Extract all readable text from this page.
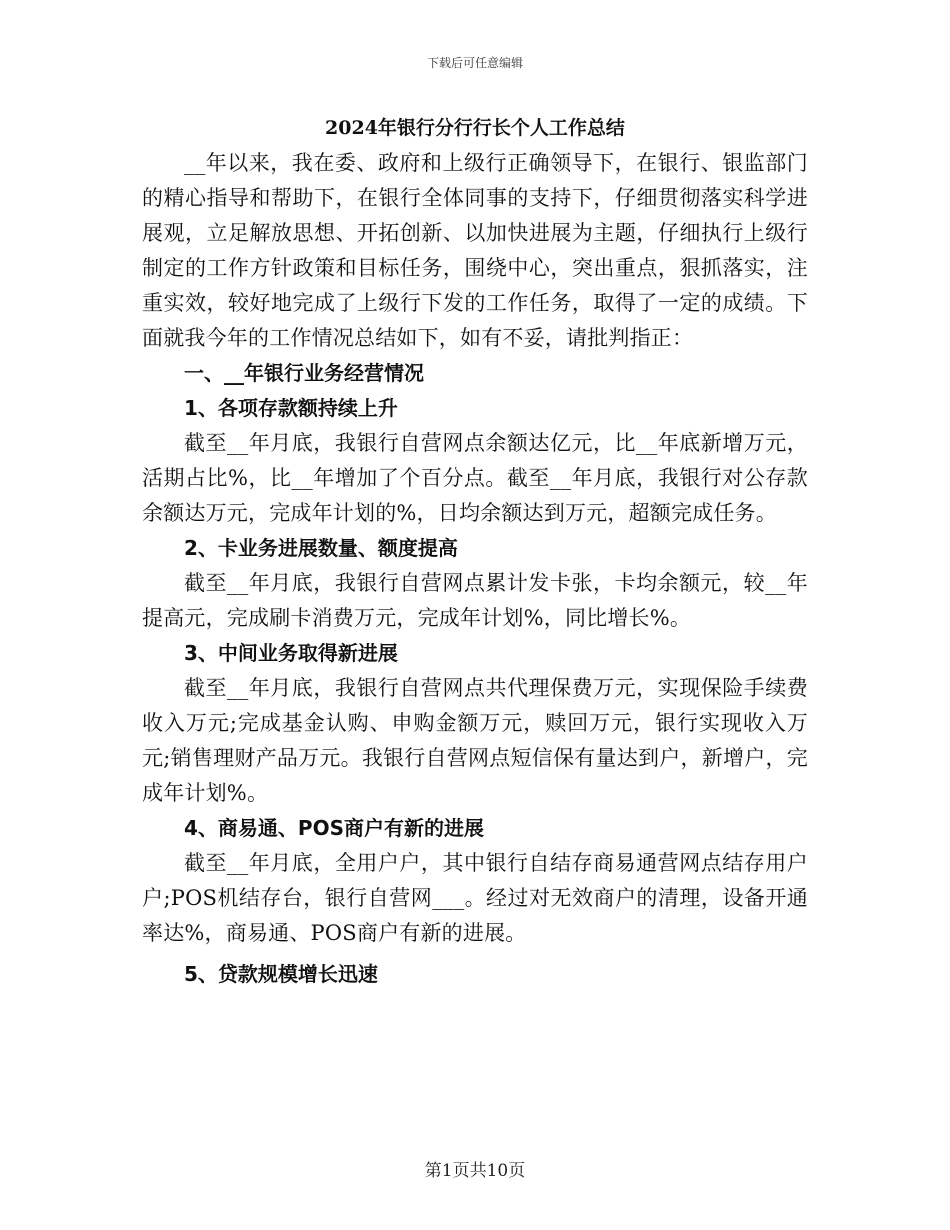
下载后可任意编辑
2024年银行分行行长个人工作总结

__年以来，我在委、政府和上级行正确领导下，在银行、银监部门的精心指导和帮助下，在银行全体同事的支持下，仔细贯彻落实科学进展观，立足解放思想、开拓创新、以加快进展为主题，仔细执行上级行制定的工作方针政策和目标任务，围绕中心，突出重点，狠抓落实，注重实效，较好地完成了上级行下发的工作任务，取得了一定的成绩。下面就我今年的工作情况总结如下，如有不妥，请批判指正：

一、__年银行业务经营情况
1、各项存款额持续上升

截至__年月底，我银行自营网点余额达亿元，比__年底新增万元，活期占比%，比__年增加了个百分点。截至__年月底，我银行对公存款余额达万元，完成年计划的%，日均余额达到万元，超额完成任务。

2、卡业务进展数量、额度提高

截至__年月底，我银行自营网点累计发卡张，卡均余额元，较__年提高元，完成刷卡消费万元，完成年计划%，同比增长%。

3、中间业务取得新进展

截至__年月底，我银行自营网点共代理保费万元，实现保险手续费收入万元;完成基金认购、申购金额万元，赎回万元，银行实现收入万元;销售理财产品万元。我银行自营网点短信保有量达到户，新增户，完成年计划%。

4、商易通、POS商户有新的进展

截至__年月底，全用户户，其中银行自结存商易通营网点结存用户户;POS机结存台，银行自营网___。经过对无效商户的清理，设备开通率达%，商易通、POS商户有新的进展。

5、贷款规模增长迅速
第1页共10页
